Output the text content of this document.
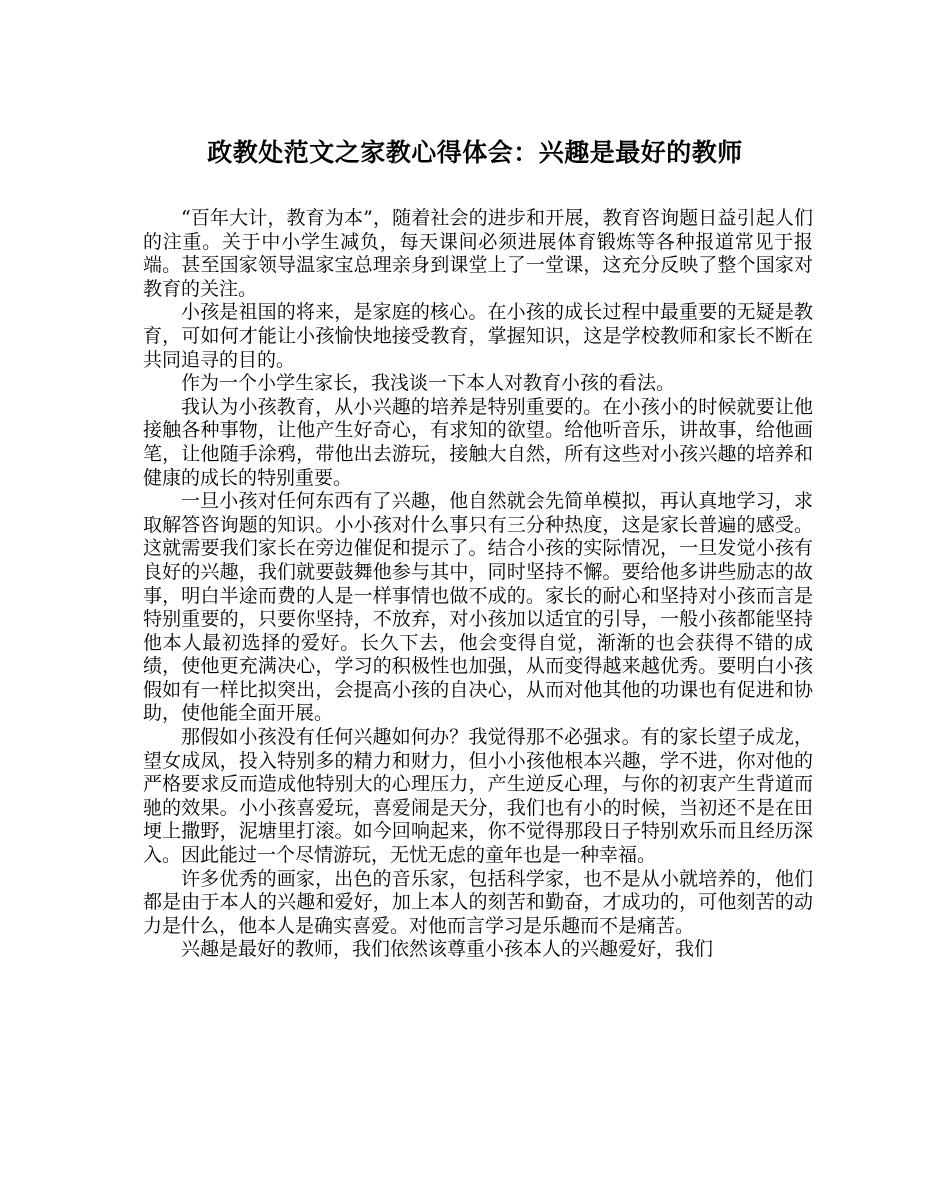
政教处范文之家教心得体会：兴趣是最好的教师

“百年大计，教育为本”，随着社会的进步和开展，教育咨询题日益引起人们的注重。关于中小学生减负，每天课间必须进展体育锻炼等各种报道常见于报端。甚至国家领导温家宝总理亲身到课堂上了一堂课，这充分反映了整个国家对教育的关注。

小孩是祖国的将来，是家庭的核心。在小孩的成长过程中最重要的无疑是教育，可如何才能让小孩愉快地接受教育，掌握知识，这是学校教师和家长不断在共同追寻的目的。

作为一个小学生家长，我浅谈一下本人对教育小孩的看法。

我认为小孩教育，从小兴趣的培养是特别重要的。在小孩小的时候就要让他接触各种事物，让他产生好奇心，有求知的欲望。给他听音乐，讲故事，给他画笔，让他随手涂鸦，带他出去游玩，接触大自然，所有这些对小孩兴趣的培养和健康的成长的特别重要。

一旦小孩对任何东西有了兴趣，他自然就会先简单模拟，再认真地学习，求取解答咨询题的知识。小小孩对什么事只有三分种热度，这是家长普遍的感受。这就需要我们家长在旁边催促和提示了。结合小孩的实际情况，一旦发觉小孩有良好的兴趣，我们就要鼓舞他参与其中，同时坚持不懈。要给他多讲些励志的故事，明白半途而费的人是一样事情也做不成的。家长的耐心和坚持对小孩而言是特别重要的，只要你坚持，不放弃，对小孩加以适宜的引导，一般小孩都能坚持他本人最初选择的爱好。长久下去，他会变得自觉，渐渐的也会获得不错的成绩，使他更充满决心，学习的积极性也加强，从而变得越来越优秀。要明白小孩假如有一样比拟突出，会提高小孩的自决心，从而对他其他的功课也有促进和协助，使他能全面开展。

那假如小孩没有任何兴趣如何办？我觉得那不必强求。有的家长望子成龙，望女成凤，投入特别多的精力和财力，但小小孩他根本兴趣，学不进，你对他的严格要求反而造成他特别大的心理压力，产生逆反心理，与你的初衷产生背道而驰的效果。小小孩喜爱玩，喜爱闹是天分，我们也有小的时候，当初还不是在田埂上撒野，泥塘里打滚。如今回响起来，你不觉得那段日子特别欢乐而且经历深入。因此能过一个尽情游玩，无忧无虑的童年也是一种幸福。

许多优秀的画家，出色的音乐家，包括科学家，也不是从小就培养的，他们都是由于本人的兴趣和爱好，加上本人的刻苦和勤奋，才成功的，可他刻苦的动力是什么，他本人是确实喜爱。对他而言学习是乐趣而不是痛苦。

兴趣是最好的教师，我们依然该尊重小孩本人的兴趣爱好，我们
